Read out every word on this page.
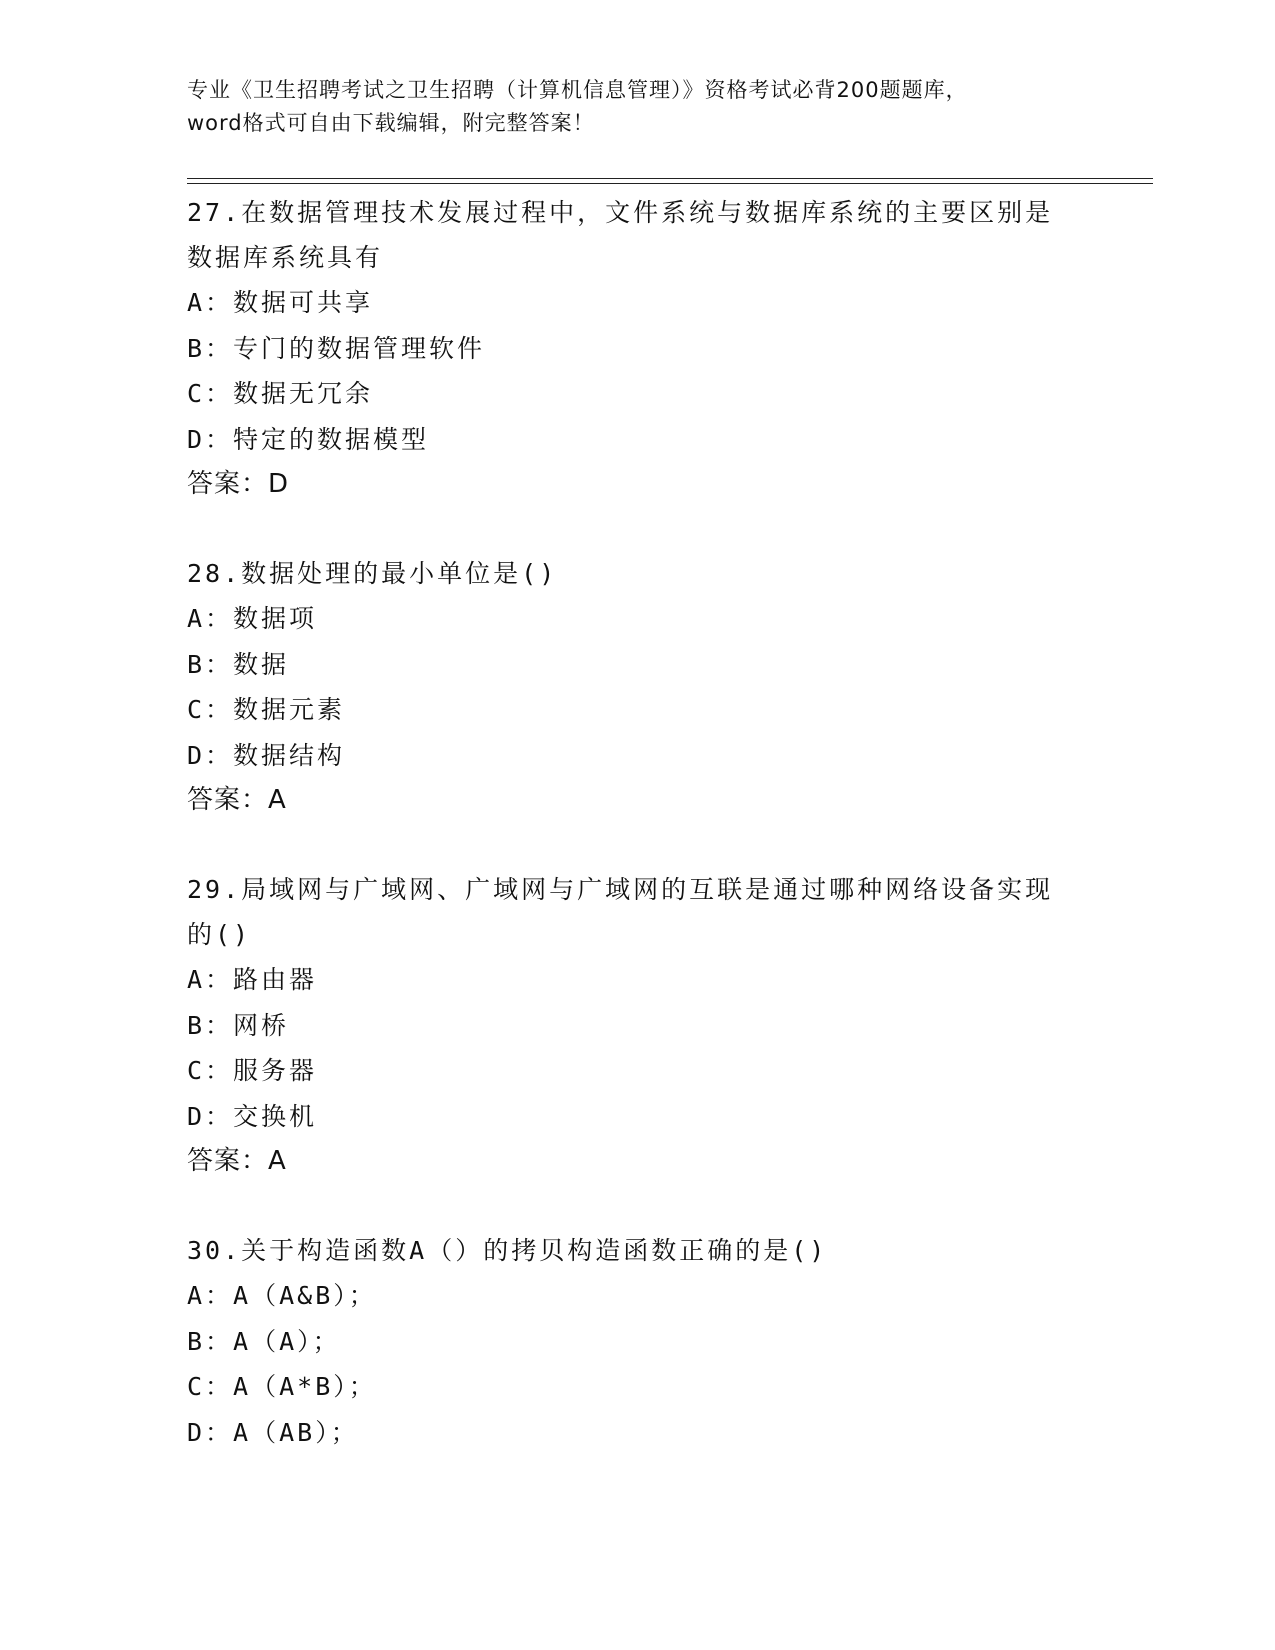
专业《卫生招聘考试之卫生招聘（计算机信息管理）》资格考试必背200题题库，
word格式可自由下载编辑，附完整答案！

27.在数据管理技术发展过程中，文件系统与数据库系统的主要区别是

数据库系统具有

A：数据可共享

B：专门的数据管理软件

C：数据无冗余

D：特定的数据模型

答案：D

28.数据处理的最小单位是()

A：数据项

B：数据

C：数据元素

D：数据结构

答案：A

29.局域网与广域网、广域网与广域网的互联是通过哪种网络设备实现

的()

A：路由器

B：网桥

C：服务器

D：交换机

答案：A

30.关于构造函数A（）的拷贝构造函数正确的是()

A：A（A&B）；

B：A（A）；

C：A（A*B）；

D：A（AB）；
